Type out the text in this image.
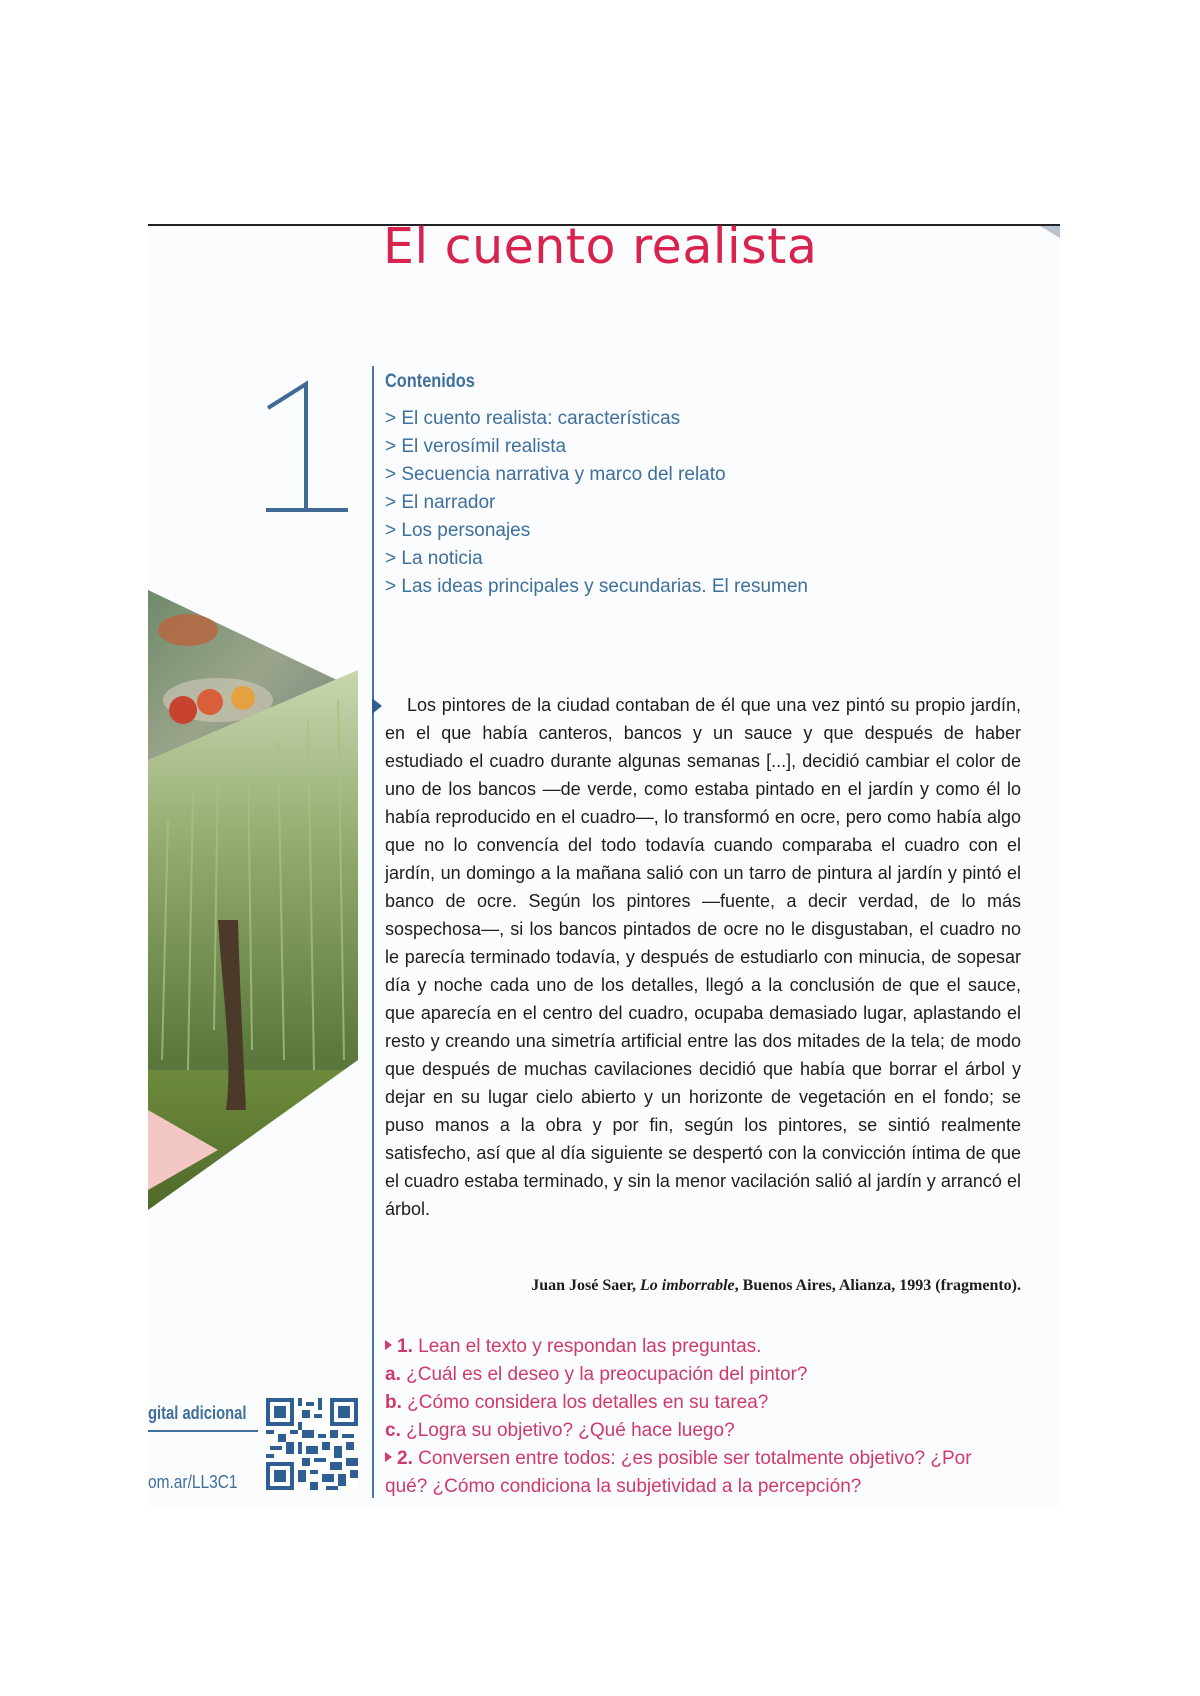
El cuento realista
Contenidos
> El cuento realista: características
> El verosímil realista
> Secuencia narrativa y marco del relato
> El narrador
> Los personajes
> La noticia
> Las ideas principales y secundarias. El resumen

Los pintores de la ciudad contaban de él que una vez pintó su propio jardín, en el que había canteros, bancos y un sauce y que después de haber estudiado el cuadro durante algunas semanas [...], decidió cambiar el color de uno de los bancos —de verde, como estaba pintado en el jardín y como él lo había reproducido en el cuadro—, lo transformó en ocre, pero como había algo que no lo convencía del todo todavía cuando comparaba el cuadro con el jardín, un domingo a la mañana salió con un tarro de pintura al jardín y pintó el banco de ocre. Según los pintores —fuente, a decir verdad, de lo más sospechosa—, si los bancos pintados de ocre no le disgustaban, el cuadro no le parecía terminado todavía, y después de estudiarlo con minucia, de sopesar día y noche cada uno de los detalles, llegó a la conclusión de que el sauce, que aparecía en el centro del cuadro, ocupaba demasiado lugar, aplastando el resto y creando una simetría artificial entre las dos mitades de la tela; de modo que después de muchas cavilaciones decidió que había que borrar el árbol y dejar en su lugar cielo abierto y un horizonte de vegetación en el fondo; se puso manos a la obra y por fin, según los pintores, se sintió realmente satisfecho, así que al día siguiente se despertó con la convicción íntima de que el cuadro estaba terminado, y sin la menor vacilación salió al jardín y arrancó el árbol.

Juan José Saer, Lo imborrable, Buenos Aires, Alianza, 1993 (fragmento).
1. Lean el texto y respondan las preguntas.
a. ¿Cuál es el deseo y la preocupación del pintor?
b. ¿Cómo considera los detalles en su tarea?
c. ¿Logra su objetivo? ¿Qué hace luego?
2. Conversen entre todos: ¿es posible ser totalmente objetivo? ¿Por
qué? ¿Cómo condiciona la subjetividad a la percepción?
gital adicional
om.ar/LL3C1
